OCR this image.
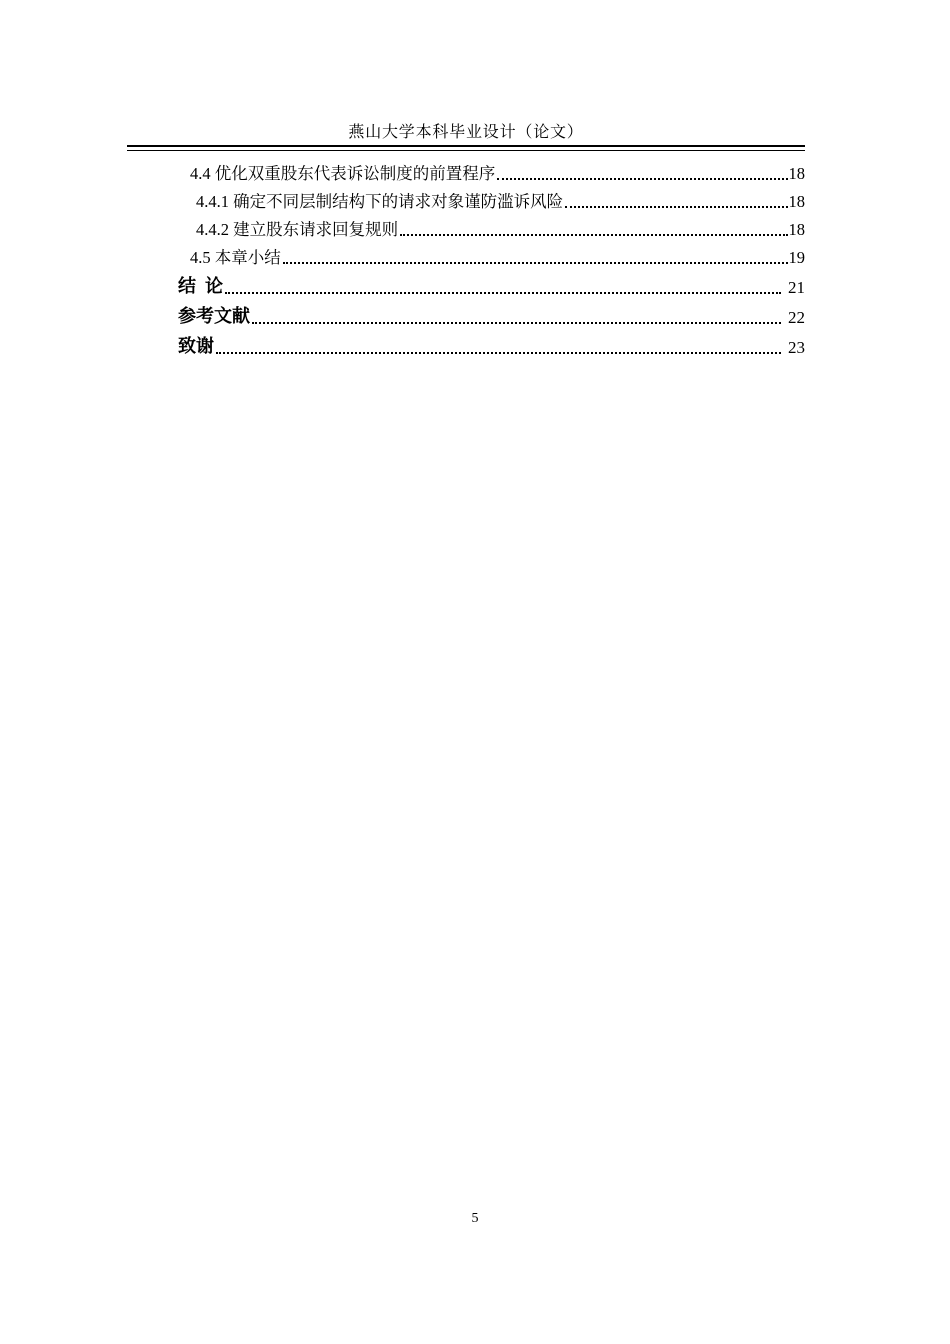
燕山大学本科毕业设计（论文）
4.4 优化双重股东代表诉讼制度的前置程序	18
4.4.1 确定不同层制结构下的请求对象谨防滥诉风险	18
4.4.2 建立股东请求回复规则	18
4.5 本章小结	19
结 论	21
参考文献	22
致谢	23
5
